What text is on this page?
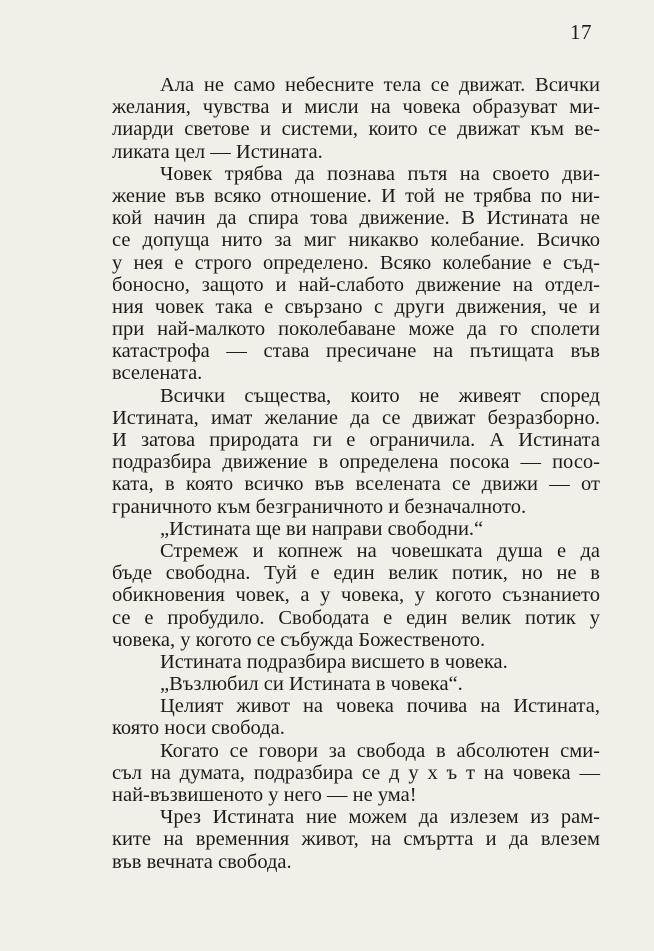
17
Ала не само небесните тела се движат. Всички
желания, чувства и мисли на човека образуват ми-
лиарди светове и системи, които се движат към ве-
ликата цел — Истината.
Човек трябва да познава пътя на своето дви-
жение във всяко отношение. И той не трябва по ни-
кой начин да спира това движение. В Истината не
се допуща нито за миг никакво колебание. Всичко
у нея е строго определено. Всяко колебание е съд-
боносно, защото и най-слабото движение на отдел-
ния човек така е свързано с други движения, че и
при най-малкото поколебаване може да го сполети
катастрофа — става пресичане на пътищата във
вселената.
Всички същества, които не живеят според
Истината, имат желание да се движат безразборно.
И затова природата ги е ограничила. А Истината
подразбира движение в определена посока — посо-
ката, в която всичко във вселената се движи — от
граничното към безграничното и безначалното.
„Истината ще ви направи свободни.“
Стремеж и копнеж на човешката душа е да
бъде свободна. Туй е един велик потик, но не в
обикновения човек, а у човека, у когото съзнанието
се е пробудило. Свободата е един велик потик у
човека, у когото се събужда Божественото.
Истината подразбира висшето в човека.
„Възлюбил си Истината в човека“.
Целият живот на човека почива на Истината,
която носи свобода.
Когато се говори за свобода в абсолютен сми-
съл на думата, подразбира се д у х ъ т на човека —
най-възвишеното у него — не ума!
Чрез Истината ние можем да излезем из рам-
ките на временния живот, на смъртта и да влезем
във вечната свобода.
